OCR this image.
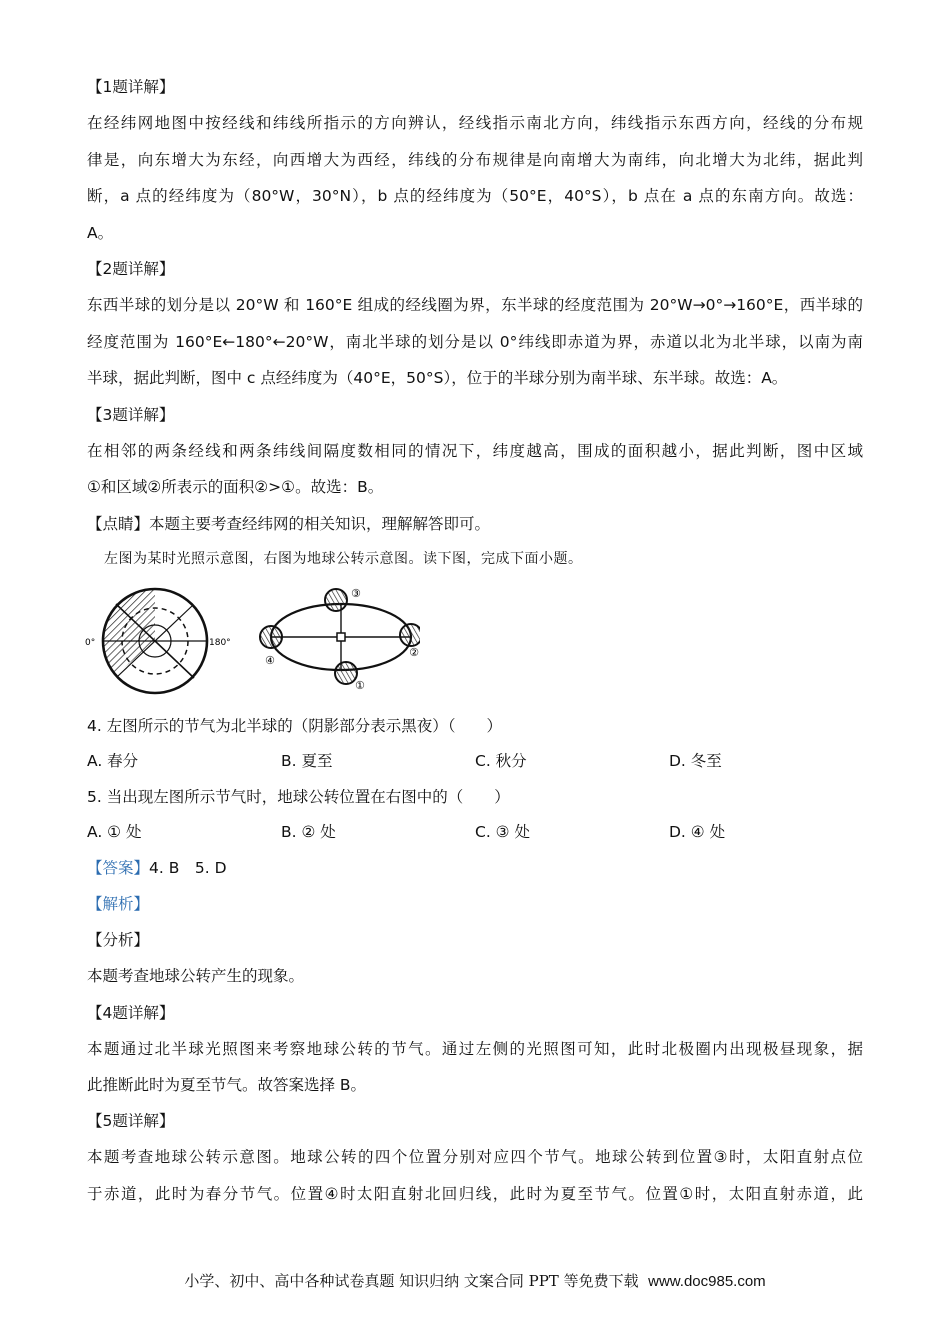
【1题详解】
在经纬网地图中按经线和纬线所指示的方向辨认，经线指示南北方向，纬线指示东西方向，经线的分布规
律是，向东增大为东经，向西增大为西经，纬线的分布规律是向南增大为南纬，向北增大为北纬，据此判
断，a 点的经纬度为（80°W，30°N），b 点的经纬度为（50°E，40°S），b 点在 a 点的东南方向。故选：
A。
【2题详解】
东西半球的划分是以 20°W 和 160°E 组成的经线圈为界，东半球的经度范围为 20°W→0°→160°E，西半球的
经度范围为 160°E←180°←20°W，南北半球的划分是以 0°纬线即赤道为界，赤道以北为北半球，以南为南
半球，据此判断，图中 c 点经纬度为（40°E，50°S），位于的半球分别为南半球、东半球。故选：A。
【3题详解】
在相邻的两条经线和两条纬线间隔度数相同的情况下，纬度越高，围成的面积越小，据此判断，图中区域
①和区域②所表示的面积②>①。故选：B。
【点睛】本题主要考查经纬网的相关知识，理解解答即可。
左图为某时光照示意图，右图为地球公转示意图。读下图，完成下面小题。
0°	180°
③
②
①
④
4. 左图所示的节气为北半球的（阴影部分表示黑夜）（　　）
A. 春分	B. 夏至	C. 秋分	D. 冬至
5. 当出现左图所示节气时，地球公转位置在右图中的（　　）
A. ① 处	B. ② 处	C. ③ 处	D. ④ 处
【答案】4. B　5. D
【解析】
【分析】
本题考查地球公转产生的现象。
【4题详解】
本题通过北半球光照图来考察地球公转的节气。通过左侧的光照图可知，此时北极圈内出现极昼现象，据
此推断此时为夏至节气。故答案选择 B。
【5题详解】
本题考查地球公转示意图。地球公转的四个位置分别对应四个节气。地球公转到位置③时，太阳直射点位
于赤道，此时为春分节气。位置④时太阳直射北回归线，此时为夏至节气。位置①时，太阳直射赤道，此
小学、初中、高中各种试卷真题 知识归纳 文案合同 PPT 等免费下载 www.doc985.com
